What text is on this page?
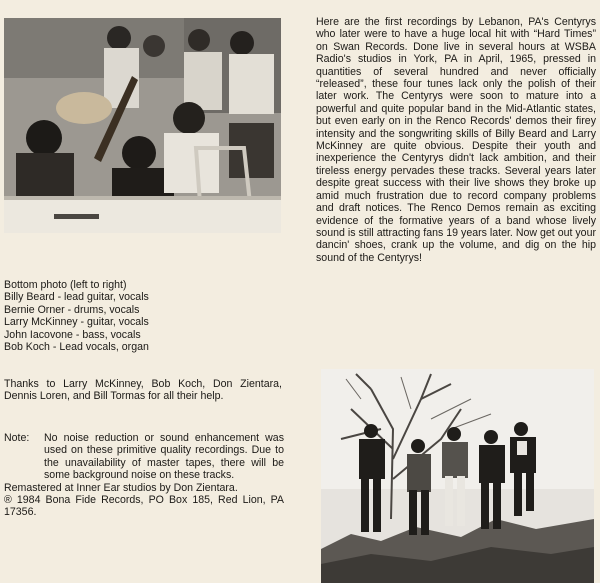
Here are the first recordings by Lebanon, PA's Centyrys who later were to have a huge local hit with “Hard Times” on Swan Records. Done live in several hours at WSBA Radio's studios in York, PA in April, 1965, pressed in quantities of several hundred and never officially “released”, these four tunes lack only the polish of their later work. The Centyrys were soon to mature into a powerful and quite popular band in the Mid-Atlantic states, but even early on in the Renco Records' demos their firey intensity and the songwriting skills of Billy Beard and Larry McKinney are quite obvious. Despite their youth and inexperience the Centyrys didn't lack ambition, and their tireless energy pervades these tracks. Several years later despite great success with their live shows they broke up amid much frustration due to record company problems and draft notices. The Renco Demos remain as exciting evidence of the formative years of a band whose lively sound is still attracting fans 19 years later. Now get out your dancin' shoes, crank up the volume, and dig on the hip sound of the Centyrys!

Bottom photo (left to right)
Billy Beard - lead guitar, vocals
Bernie Orner - drums, vocals
Larry McKinney - guitar, vocals
John Iacovone - bass, vocals
Bob Koch - Lead vocals, organ

Thanks to Larry McKinney, Bob Koch, Don Zientara, Dennis Loren, and Bill Tormas for all their help.

Note:	No noise reduction or sound enhancement was used on these primitive quality recordings. Due to the unavailability of master tapes, there will be some background noise on these tracks.
Remastered at Inner Ear studios by Don Zientara.
® 1984 Bona Fide Records, PO Box 185, Red Lion, PA 17356.
